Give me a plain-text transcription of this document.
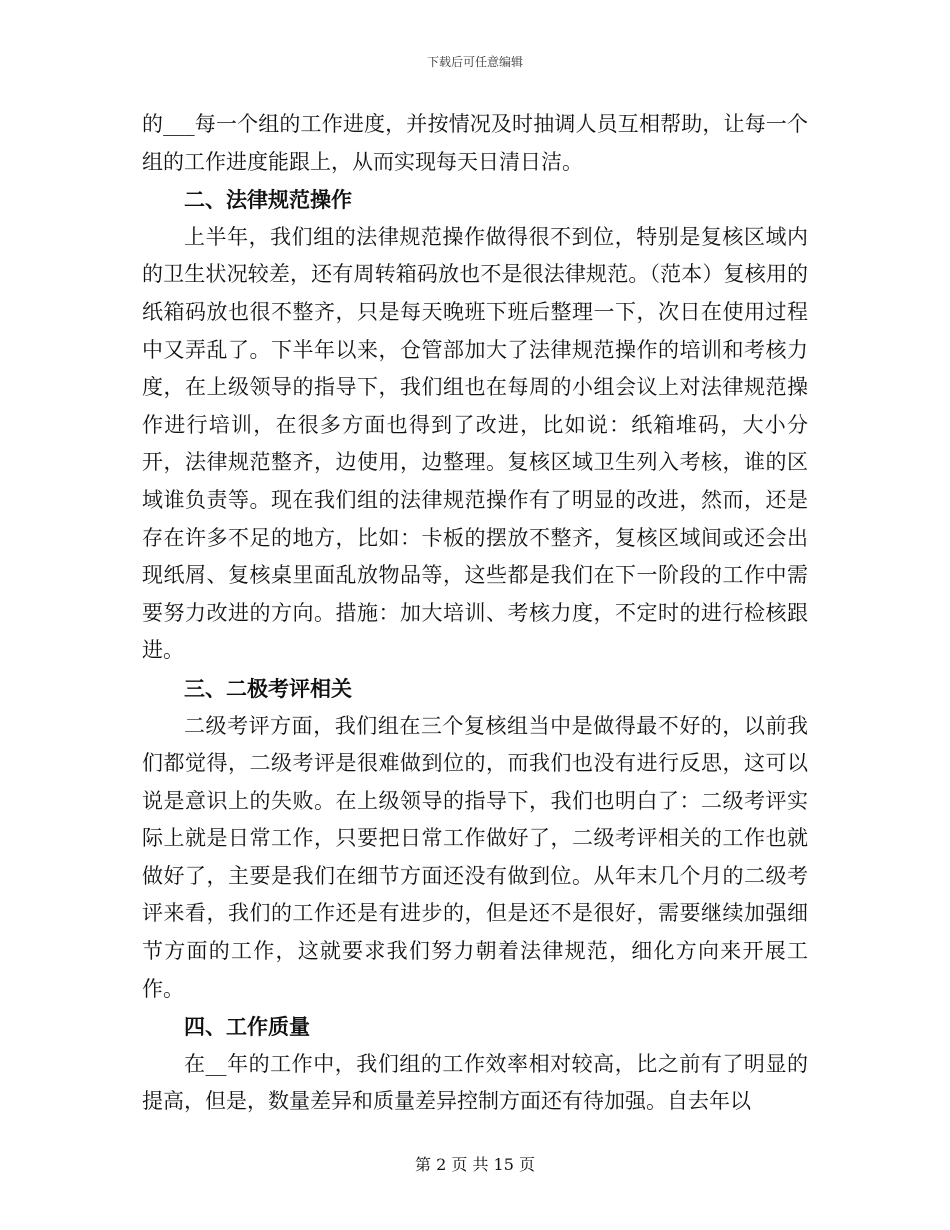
下载后可任意编辑

的___每一个组的工作进度，并按情况及时抽调人员互相帮助，让每一个组的工作进度能跟上，从而实现每天日清日洁。

二、法律规范操作

上半年，我们组的法律规范操作做得很不到位，特别是复核区域内的卫生状况较差，还有周转箱码放也不是很法律规范。（范本）复核用的纸箱码放也很不整齐，只是每天晚班下班后整理一下，次日在使用过程中又弄乱了。下半年以来，仓管部加大了法律规范操作的培训和考核力度，在上级领导的指导下，我们组也在每周的小组会议上对法律规范操作进行培训，在很多方面也得到了改进，比如说：纸箱堆码，大小分开，法律规范整齐，边使用，边整理。复核区域卫生列入考核，谁的区域谁负责等。现在我们组的法律规范操作有了明显的改进，然而，还是存在许多不足的地方，比如：卡板的摆放不整齐，复核区域间或还会出现纸屑、复核桌里面乱放物品等，这些都是我们在下一阶段的工作中需要努力改进的方向。措施：加大培训、考核力度，不定时的进行检核跟进。

三、二极考评相关

二级考评方面，我们组在三个复核组当中是做得最不好的，以前我们都觉得，二级考评是很难做到位的，而我们也没有进行反思，这可以说是意识上的失败。在上级领导的指导下，我们也明白了：二级考评实际上就是日常工作，只要把日常工作做好了，二级考评相关的工作也就做好了，主要是我们在细节方面还没有做到位。从年末几个月的二级考评来看，我们的工作还是有进步的，但是还不是很好，需要继续加强细节方面的工作，这就要求我们努力朝着法律规范，细化方向来开展工作。

四、工作质量

在__年的工作中，我们组的工作效率相对较高，比之前有了明显的提高，但是，数量差异和质量差异控制方面还有待加强。自去年以

第 2 页 共 15 页
